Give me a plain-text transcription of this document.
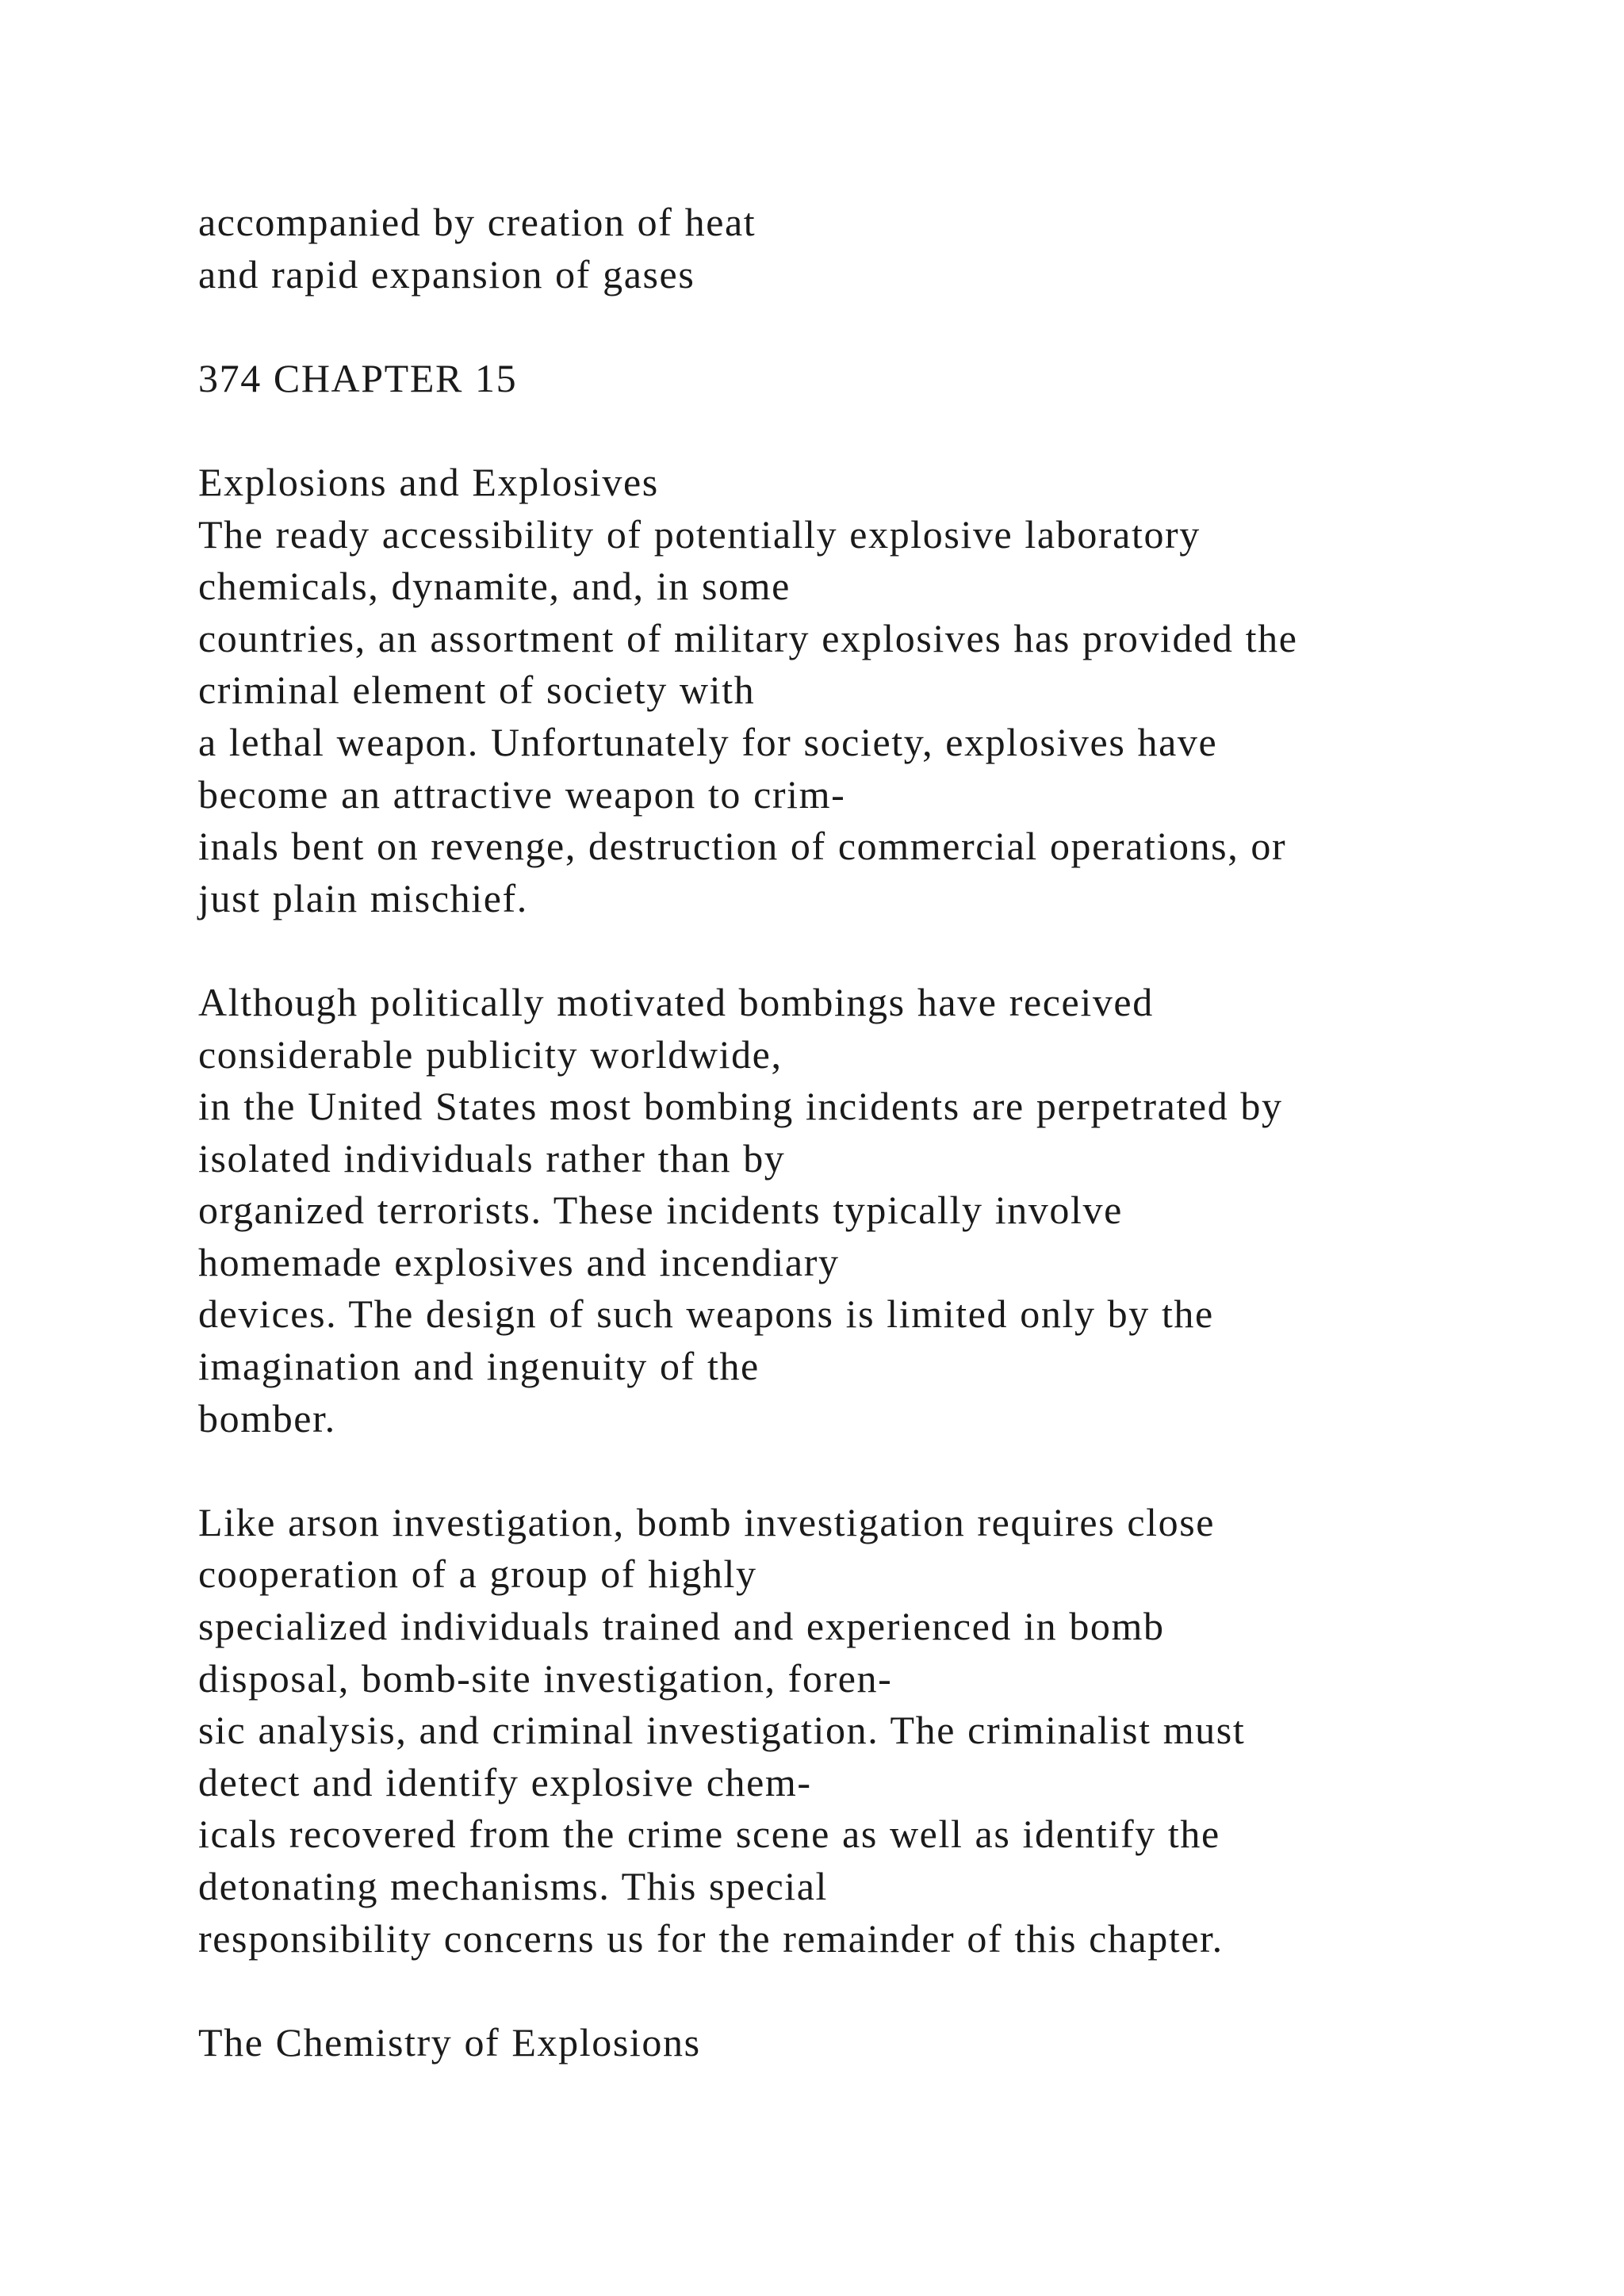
accompanied by creation of heat
and rapid expansion of gases
374 CHAPTER 15
Explosions and Explosives
The ready accessibility of potentially explosive laboratory
chemicals, dynamite, and, in some
countries, an assortment of military explosives has provided the
criminal element of society with
a lethal weapon. Unfortunately for society, explosives have
become an attractive weapon to crim-
inals bent on revenge, destruction of commercial operations, or
just plain mischief.
Although politically motivated bombings have received
considerable publicity worldwide,
in the United States most bombing incidents are perpetrated by
isolated individuals rather than by
organized terrorists. These incidents typically involve
homemade explosives and incendiary
devices. The design of such weapons is limited only by the
imagination and ingenuity of the
bomber.
Like arson investigation, bomb investigation requires close
cooperation of a group of highly
specialized individuals trained and experienced in bomb
disposal, bomb-site investigation, foren-
sic analysis, and criminal investigation. The criminalist must
detect and identify explosive chem-
icals recovered from the crime scene as well as identify the
detonating mechanisms. This special
responsibility concerns us for the remainder of this chapter.
The Chemistry of Explosions
